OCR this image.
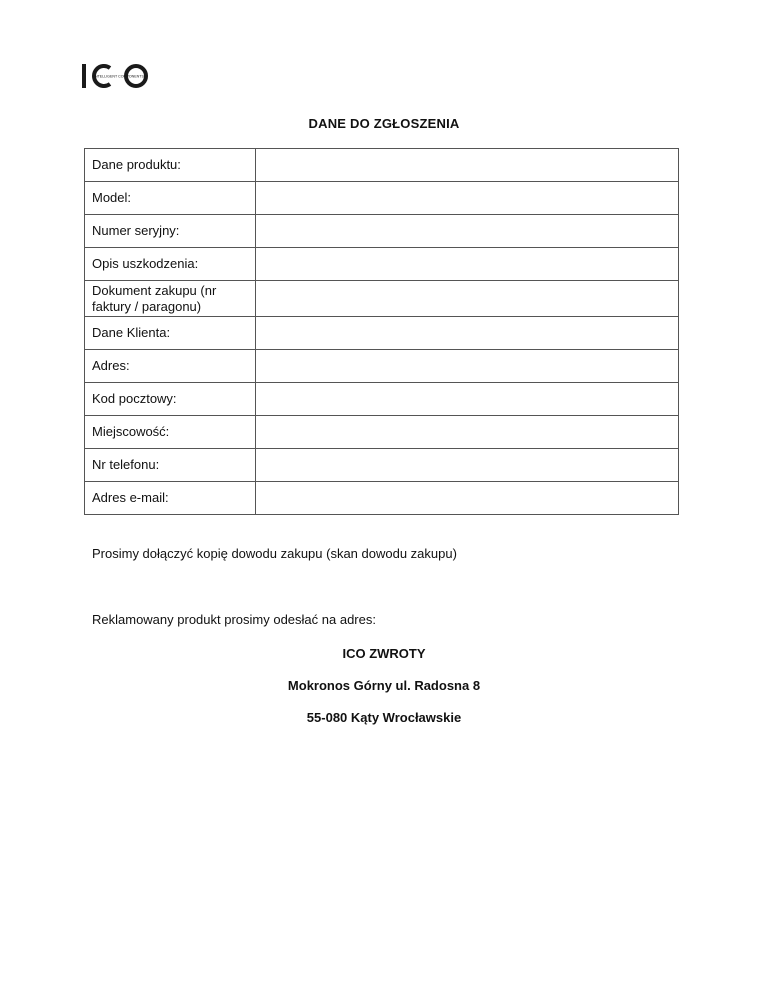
INTELLIGENT COMPONENTS
DANE DO ZGŁOSZENIA
Dane produktu:	
Model:	
Numer seryjny:	
Opis uszkodzenia:	
Dokument zakupu (nr faktury / paragonu)	
Dane Klienta:	
Adres:	
Kod pocztowy:	
Miejscowość:	
Nr telefonu:	
Adres e-mail:	
Prosimy dołączyć kopię dowodu zakupu (skan dowodu zakupu)
Reklamowany produkt prosimy odesłać na adres:
ICO ZWROTY
Mokronos Górny ul. Radosna 8
55-080 Kąty Wrocławskie
